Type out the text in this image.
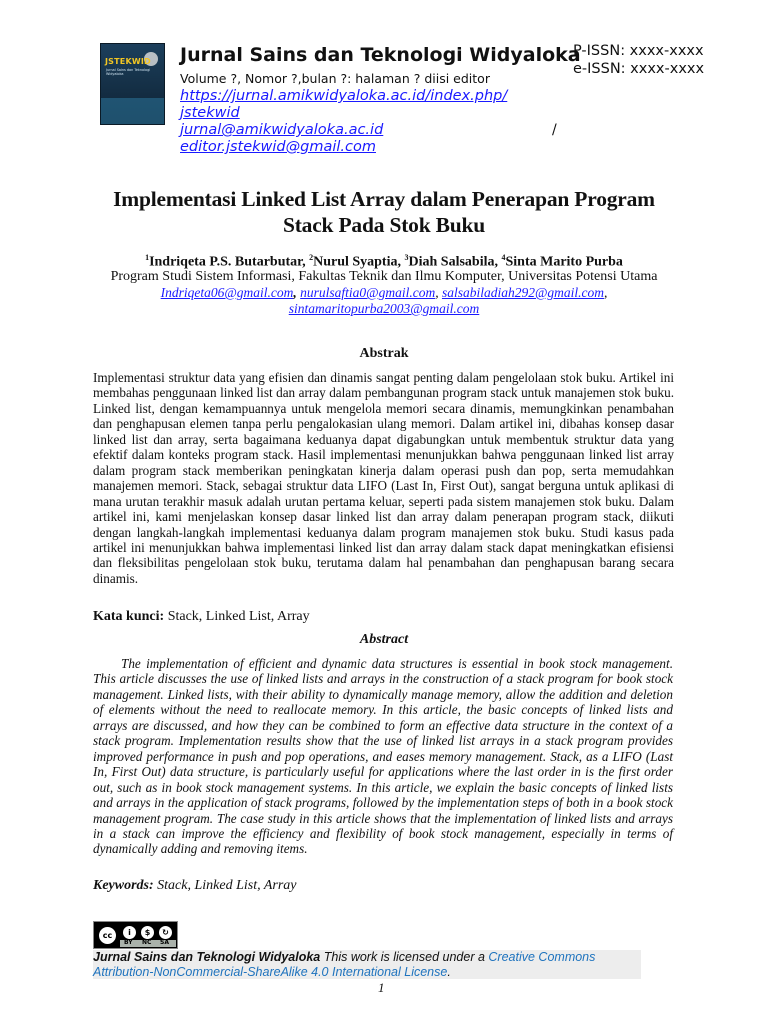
JSTEKWID
Jurnal Sains dan Teknologi Widyaloka
Jurnal Sains dan Teknologi Widyaloka
Volume ?, Nomor ?,bulan ?: halaman ? diisi editor
https://jurnal.amikwidyaloka.ac.id/index.php/
jstekwid
jurnal@amikwidyaloka.ac.id	/
editor.jstekwid@gmail.com
P-ISSN: xxxx-xxxx
e-ISSN: xxxx-xxxx
Implementasi Linked List Array dalam Penerapan Program
Stack Pada Stok Buku
$^1$Indriqeta P.S. Butarbutar, $^2$Nurul Syaptia, $^3$Diah Salsabila, $^4$Sinta Marito Purba
Program Studi Sistem Informasi, Fakultas Teknik dan Ilmu Komputer, Universitas Potensi Utama
Indriqeta06@gmail.com, nurulsaftia0@gmail.com, salsabiladiah292@gmail.com,
sintamaritopurba2003@gmail.com
Abstrak
Implementasi struktur data yang efisien dan dinamis sangat penting dalam pengelolaan stok buku. Artikel ini membahas penggunaan linked list dan array dalam pembangunan program stack untuk manajemen stok buku. Linked list, dengan kemampuannya untuk mengelola memori secara dinamis, memungkinkan penambahan dan penghapusan elemen tanpa perlu pengalokasian ulang memori. Dalam artikel ini, dibahas konsep dasar linked list dan array, serta bagaimana keduanya dapat digabungkan untuk membentuk struktur data yang efektif dalam konteks program stack. Hasil implementasi menunjukkan bahwa penggunaan linked list array dalam program stack memberikan peningkatan kinerja dalam operasi push dan pop, serta memudahkan manajemen memori. Stack, sebagai struktur data LIFO (Last In, First Out), sangat berguna untuk aplikasi di mana urutan terakhir masuk adalah urutan pertama keluar, seperti pada sistem manajemen stok buku. Dalam artikel ini, kami menjelaskan konsep dasar linked list dan array dalam penerapan program stack, diikuti dengan langkah-langkah implementasi keduanya dalam program manajemen stok buku. Studi kasus pada artikel ini menunjukkan bahwa implementasi linked list dan array dalam stack dapat meningkatkan efisiensi dan fleksibilitas pengelolaan stok buku, terutama dalam hal penambahan dan penghapusan barang secara dinamis.
Kata kunci: Stack, Linked List, Array
Abstract
The implementation of efficient and dynamic data structures is essential in book stock management. This article discusses the use of linked lists and arrays in the construction of a stack program for book stock management. Linked lists, with their ability to dynamically manage memory, allow the addition and deletion of elements without the need to reallocate memory. In this article, the basic concepts of linked lists and arrays are discussed, and how they can be combined to form an effective data structure in the context of a stack program. Implementation results show that the use of linked list arrays in a stack program provides improved performance in push and pop operations, and eases memory management. Stack, as a LIFO (Last In, First Out) data structure, is particularly useful for applications where the last order in is the first order out, such as in book stock management systems. In this article, we explain the basic concepts of linked lists and arrays in the application of stack programs, followed by the implementation steps of both in a book stock management program. The case study in this article shows that the implementation of linked lists and arrays in a stack can improve the efficiency and flexibility of book stock management, especially in terms of dynamically adding and removing items.
Keywords: Stack, Linked List, Array
cc	i	$	↻
BY NC SA
Jurnal Sains dan Teknologi Widyaloka This work is licensed under a Creative Commons Attribution-NonCommercial-ShareAlike 4.0 International License.
1
